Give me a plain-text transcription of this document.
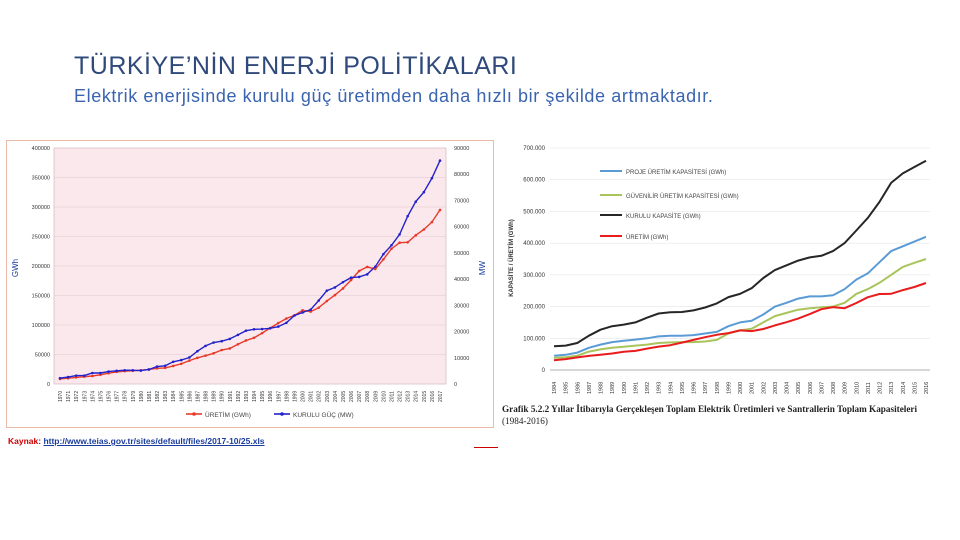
TÜRKİYE’NİN ENERJİ POLİTİKALARI
Elektrik enerjisinde kurulu güç üretimden daha hızlı bir şekilde artmaktadır.
0
50000
100000
150000
200000
250000
300000
350000
400000
0
10000
20000
30000
40000
50000
60000
70000
80000
90000
1970 1971 1972 1973 1974 1975 1976 1977 1978 1979 1980 1981 1982 1983 1984 1985 1986 1987 1988 1989 1990 1991 1992 1993 1994 1995 1996 1997 1998 1999 2000 2001 2002 2003 2004 2005 2006 2007 2008 2009 2010 2011 2012 2013 2014 2015 2016 2017
GWh	MW
ÜRETİM (GWh)	KURULU GÜÇ (MW)
0
100.000
200.000
300.000
400.000
500.000
600.000
700.000
1984 1985 1986 1987 1988 1989 1990 1991 1992 1993 1994 1995 1996 1997 1998 1999 2000 2001 2002 2003 2004 2005 2006 2007 2008 2009 2010 2011 2012 2013 2014 2015 2016
KAPASİTE / ÜRETİM (GWh)
PROJE ÜRETİM KAPASİTESİ (GWh)
GÜVENİLİR ÜRETİM KAPASİTESİ (GWh)
KURULU KAPASİTE (GWh)
ÜRETİM (GWh)
Grafik 5.2.2 Yıllar İtibarıyla Gerçekleşen Toplam Elektrik Üretimleri ve Santrallerin Toplam Kapasiteleri (1984-2016)
Kaynak: http://www.teias.gov.tr/sites/default/files/2017-10/25.xls
